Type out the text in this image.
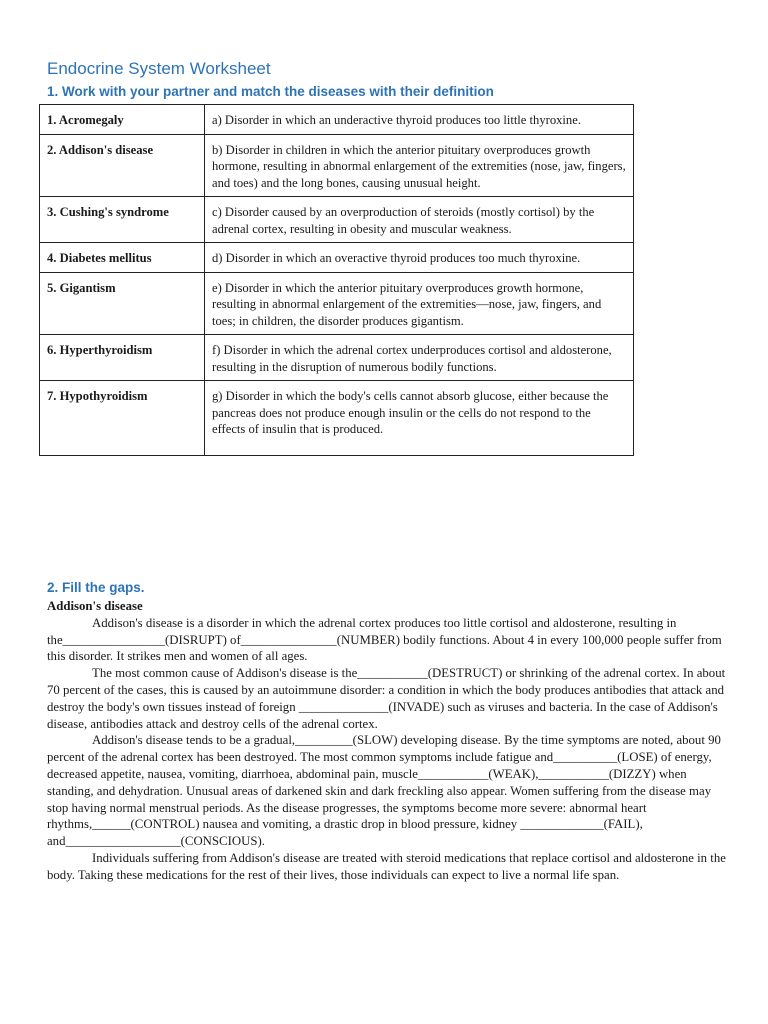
Endocrine System Worksheet
1. Work with your partner and match the diseases with their definition
1. Acromegaly	a) Disorder in which an underactive thyroid produces too little thyroxine.
2. Addison's disease	b) Disorder in children in which the anterior pituitary overproduces growth hormone, resulting in abnormal enlargement of the extremities (nose, jaw, fingers, and toes) and the long bones, causing unusual height.
3. Cushing's syndrome	c) Disorder caused by an overproduction of steroids (mostly cortisol) by the adrenal cortex, resulting in obesity and muscular weakness.
4. Diabetes mellitus	d) Disorder in which an overactive thyroid produces too much thyroxine.
5. Gigantism	e) Disorder in which the anterior pituitary overproduces growth hormone, resulting in abnormal enlargement of the extremities—nose, jaw, fingers, and toes; in children, the disorder produces gigantism.
6. Hyperthyroidism	f) Disorder in which the adrenal cortex underproduces cortisol and aldosterone, resulting in the disruption of numerous bodily functions.
7. Hypothyroidism	g) Disorder in which the body's cells cannot absorb glucose, either because the pancreas does not produce enough insulin or the cells do not respond to the effects of insulin that is produced.
2. Fill the gaps.
Addison's disease

Addison's disease is a disorder in which the adrenal cortex produces too little cortisol and aldosterone, resulting in the________________(DISRUPT) of_______________(NUMBER) bodily functions. About 4 in every 100,000 people suffer from this disorder. It strikes men and women of all ages.

The most common cause of Addison's disease is the___________(DESTRUCT) or shrinking of the adrenal cortex. In about 70 percent of the cases, this is caused by an autoimmune disorder: a condition in which the body produces antibodies that attack and destroy the body's own tissues instead of foreign ______________(INVADE) such as viruses and bacteria. In the case of Addison's disease, antibodies attack and destroy cells of the adrenal cortex.

Addison's disease tends to be a gradual,_________(SLOW) developing disease. By the time symptoms are noted, about 90 percent of the adrenal cortex has been destroyed. The most common symptoms include fatigue and__________(LOSE) of energy, decreased appetite, nausea, vomiting, diarrhoea, abdominal pain, muscle___________(WEAK),___________(DIZZY) when standing, and dehydration. Unusual areas of darkened skin and dark freckling also appear. Women suffering from the disease may stop having normal menstrual periods. As the disease progresses, the symptoms become more severe: abnormal heart rhythms,______(CONTROL) nausea and vomiting, a drastic drop in blood pressure, kidney _____________(FAIL), and__________________(CONSCIOUS).

Individuals suffering from Addison's disease are treated with steroid medications that replace cortisol and aldosterone in the body. Taking these medications for the rest of their lives, those individuals can expect to live a normal life span.
